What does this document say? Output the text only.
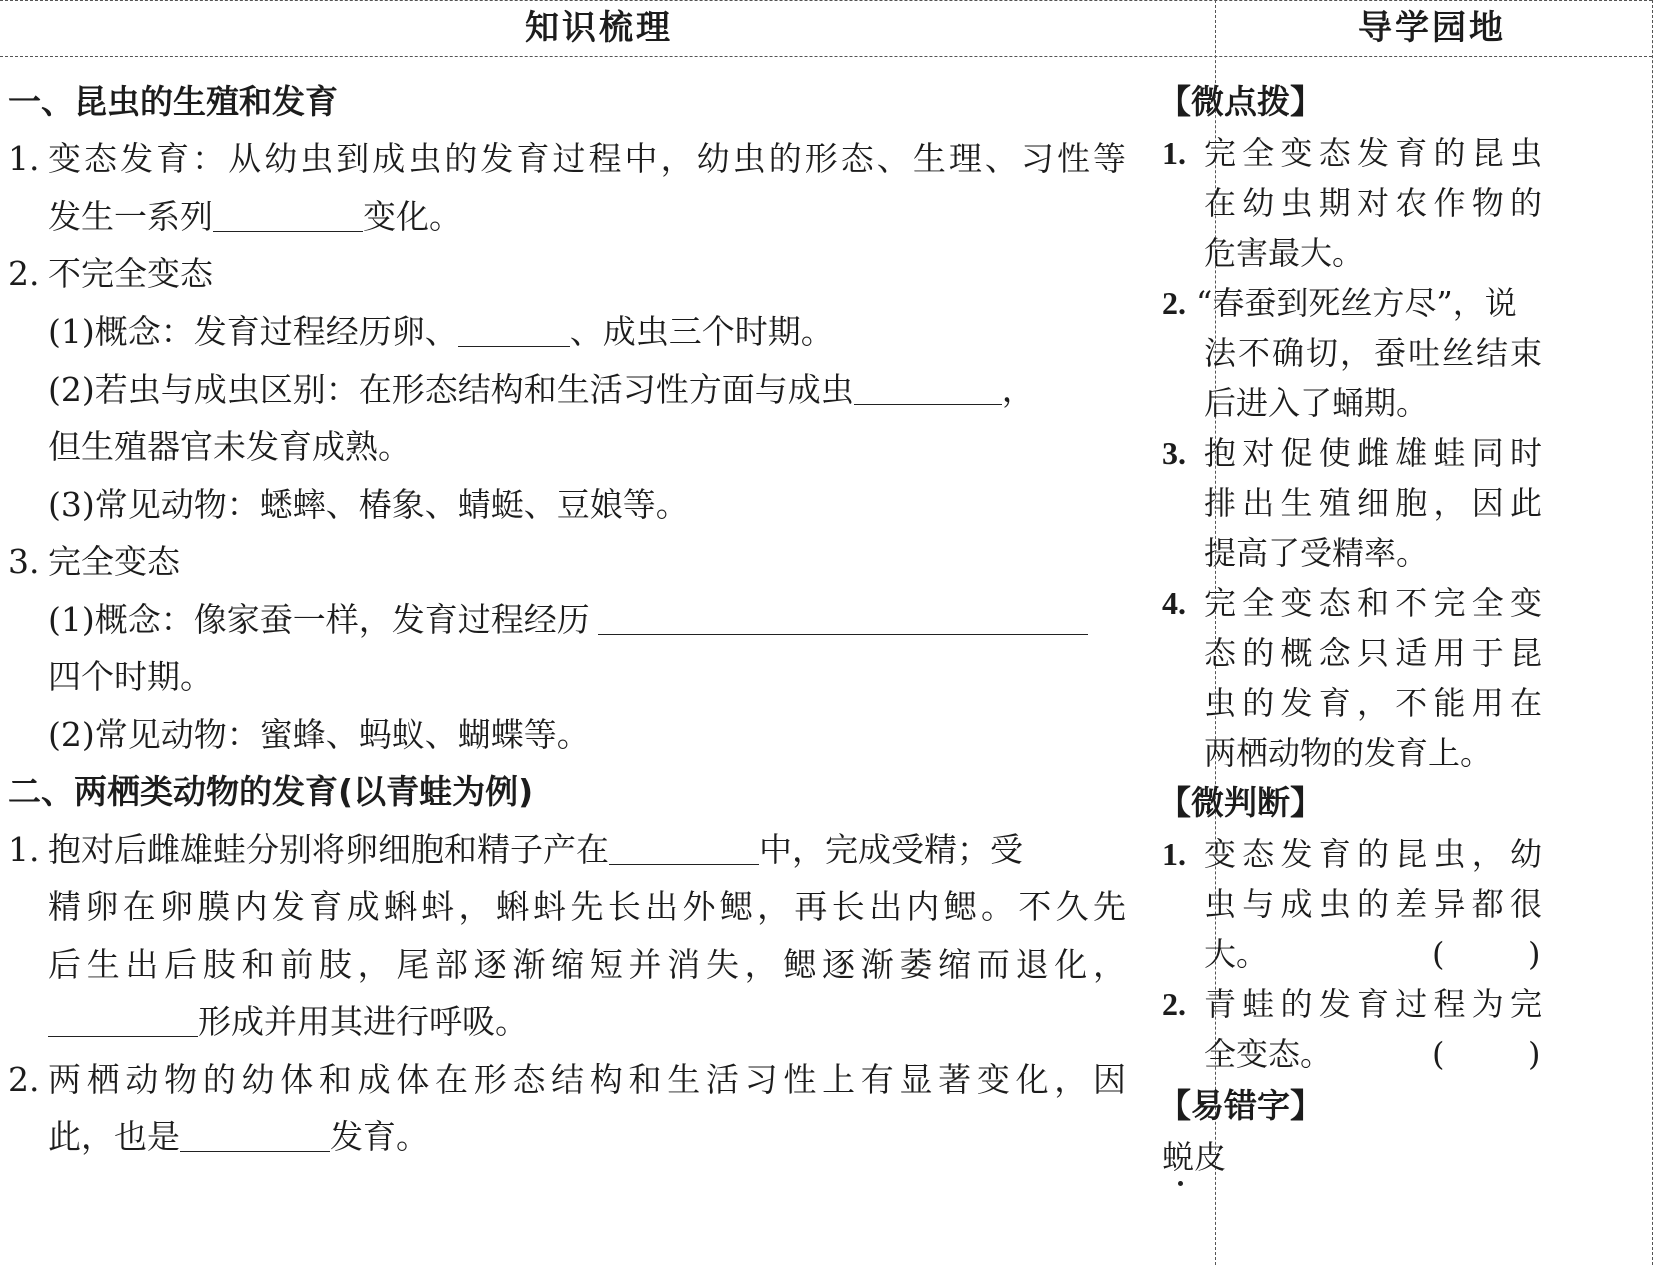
知识梳理	导学园地
一、昆虫的生殖和发育
1. 变态发育：从幼虫到成虫的发育过程中，幼虫的形态、生理、习性等
发生一系列	变化。
2. 不完全变态
(1)概念：发育过程经历卵、	、成虫三个时期。
(2)若虫与成虫区别：在形态结构和生活习性方面与成虫	，
但生殖器官未发育成熟。
(3)常见动物：蟋蟀、椿象、蜻蜓、豆娘等。
3. 完全变态
(1)概念：像家蚕一样，发育过程经历
四个时期。
(2)常见动物：蜜蜂、蚂蚁、蝴蝶等。
二、两栖类动物的发育(以青蛙为例)
1. 抱对后雌雄蛙分别将卵细胞和精子产在	中，完成受精；受
精卵在卵膜内发育成蝌蚪，蝌蚪先长出外鳃，再长出内鳃。不久先
后生出后肢和前肢，尾部逐渐缩短并消失，鳃逐渐萎缩而退化，
形成并用其进行呼吸。
2. 两栖动物的幼体和成体在形态结构和生活习性上有显著变化，因
此，也是	发育。
【微点拨】
1. 完全变态发育的昆虫
在幼虫期对农作物的
危害最大。
2. “春蚕到死丝方尽”，说
法不确切，蚕吐丝结束
后进入了蛹期。
3. 抱对促使雌雄蛙同时
排出生殖细胞，因此
提高了受精率。
4. 完全变态和不完全变
态的概念只适用于昆
虫的发育，不能用在
两栖动物的发育上。
【微判断】
1. 变态发育的昆虫，幼
虫与成虫的差异都很
大。	(	)
2. 青蛙的发育过程为完
全变态。	(	)
【易错字】
蜕皮
